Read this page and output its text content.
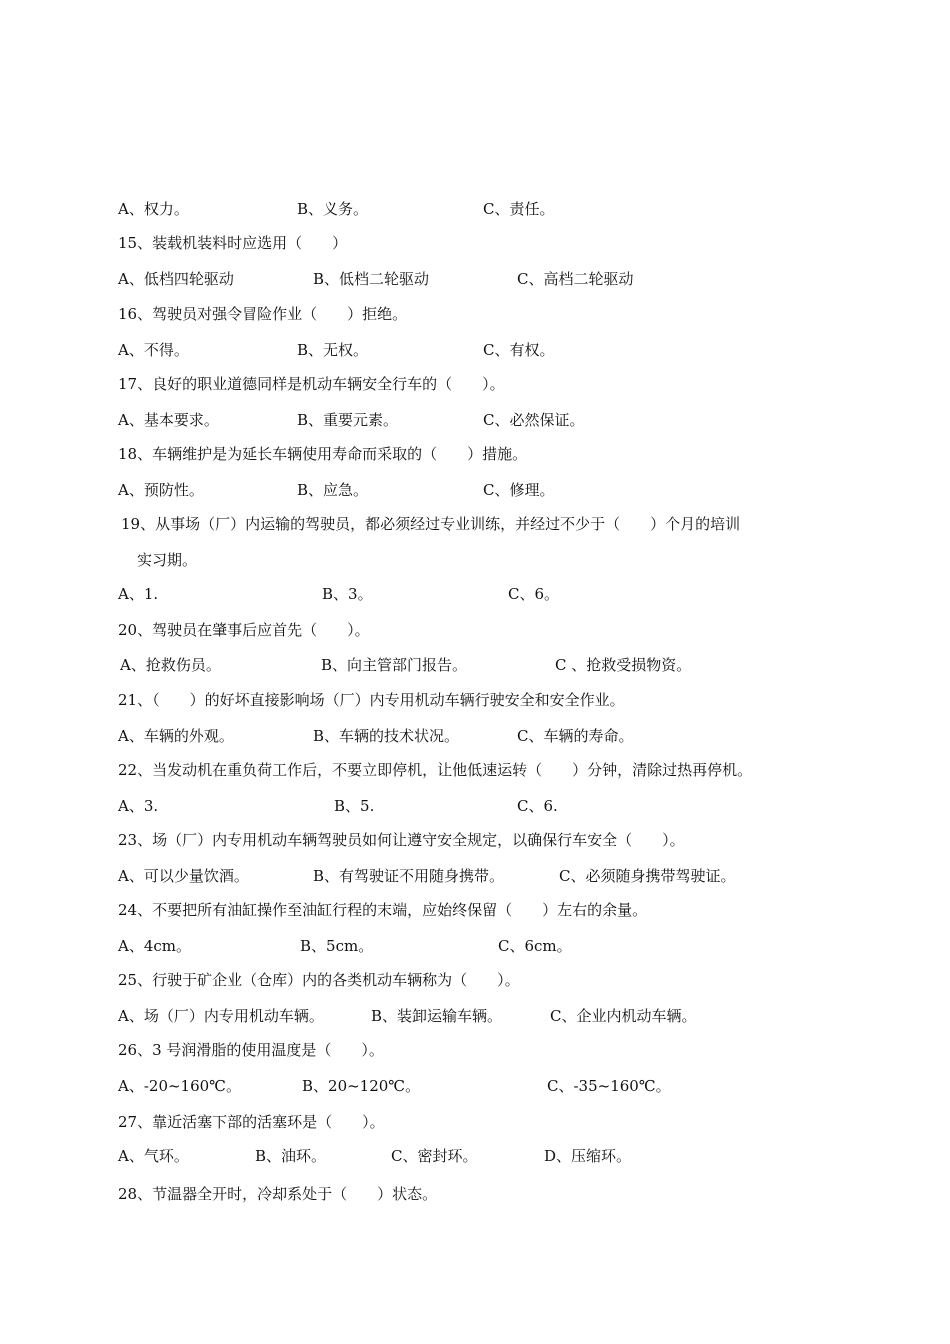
A、权力。	B、义务。	C、责任。
15、装载机装料时应选用（　　）
A、低档四轮驱动	B、低档二轮驱动	C、高档二轮驱动
16、驾驶员对强令冒险作业（　　）拒绝。
A、不得。	B、无权。	C、有权。
17、良好的职业道德同样是机动车辆安全行车的（　　）。
A、基本要求。	B、重要元素。	C、必然保证。
18、车辆维护是为延长车辆使用寿命而采取的（　　）措施。
A、预防性。	B、应急。	C、修理。
19、从事场（厂）内运输的驾驶员，都必须经过专业训练，并经过不少于（　　）个月的培训
实习期。
A、1.	B、3。	C、6。
20、驾驶员在肇事后应首先（　　）。
A、抢救伤员。	B、向主管部门报告。	C 、抢救受损物资。
21、（　　）的好坏直接影响场（厂）内专用机动车辆行驶安全和安全作业。
A、车辆的外观。	B、车辆的技术状况。	C、车辆的寿命。
22、当发动机在重负荷工作后，不要立即停机，让他低速运转（　　）分钟，清除过热再停机。
A、3.	B、5.	C、6.
23、场（厂）内专用机动车辆驾驶员如何让遵守安全规定，以确保行车安全（　　）。
A、可以少量饮酒。	B、有驾驶证不用随身携带。	C、必须随身携带驾驶证。
24、不要把所有油缸操作至油缸行程的末端，应始终保留（　　）左右的余量。
A、4cm。	B、5cm。	C、6cm。
25、行驶于矿企业（仓库）内的各类机动车辆称为（　　）。
A、场（厂）内专用机动车辆。	B、装卸运输车辆。	C、企业内机动车辆。
26、3 号润滑脂的使用温度是（　　）。
A、-20~160℃。	B、20~120℃。	C、-35~160℃。
27、靠近活塞下部的活塞环是（　　）。
A、气环。	B、油环。	C、密封环。	D、压缩环。
28、节温器全开时，冷却系处于（　　）状态。
